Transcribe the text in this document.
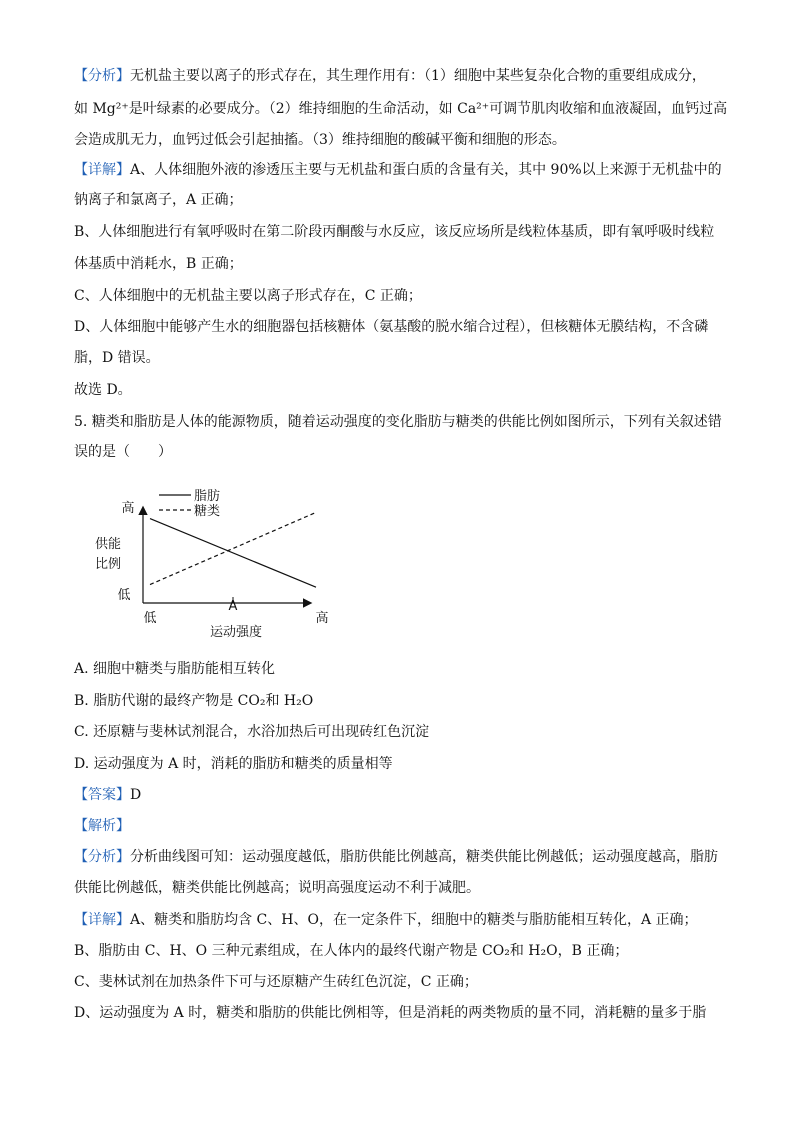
【分析】无机盐主要以离子的形式存在，其生理作用有：（1）细胞中某些复杂化合物的重要组成成分，
如 Mg²⁺是叶绿素的必要成分。（2）维持细胞的生命活动，如 Ca²⁺可调节肌肉收缩和血液凝固，血钙过高
会造成肌无力，血钙过低会引起抽搐。（3）维持细胞的酸碱平衡和细胞的形态。
【详解】A、人体细胞外液的渗透压主要与无机盐和蛋白质的含量有关，其中 90%以上来源于无机盐中的
钠离子和氯离子，A 正确；
B、人体细胞进行有氧呼吸时在第二阶段丙酮酸与水反应，该反应场所是线粒体基质，即有氧呼吸时线粒
体基质中消耗水，B 正确；
C、人体细胞中的无机盐主要以离子形式存在，C 正确；
D、人体细胞中能够产生水的细胞器包括核糖体（氨基酸的脱水缩合过程），但核糖体无膜结构，不含磷
脂，D 错误。
故选 D。
5. 糖类和脂肪是人体的能源物质，随着运动强度的变化脂肪与糖类的供能比例如图所示，下列有关叙述错
误的是（　　）
A
高
低
供能
比例
低	高
运动强度
脂肪
糖类
A. 细胞中糖类与脂肪能相互转化
B. 脂肪代谢的最终产物是 CO₂和 H₂O
C. 还原糖与斐林试剂混合，水浴加热后可出现砖红色沉淀
D. 运动强度为 A 时，消耗的脂肪和糖类的质量相等
【答案】D
【解析】
【分析】分析曲线图可知：运动强度越低，脂肪供能比例越高，糖类供能比例越低；运动强度越高，脂肪
供能比例越低，糖类供能比例越高；说明高强度运动不利于减肥。
【详解】A、糖类和脂肪均含 C、H、O，在一定条件下，细胞中的糖类与脂肪能相互转化，A 正确；
B、脂肪由 C、H、O 三种元素组成，在人体内的最终代谢产物是 CO₂和 H₂O，B 正确；
C、斐林试剂在加热条件下可与还原糖产生砖红色沉淀，C 正确；
D、运动强度为 A 时，糖类和脂肪的供能比例相等，但是消耗的两类物质的量不同，消耗糖的量多于脂
